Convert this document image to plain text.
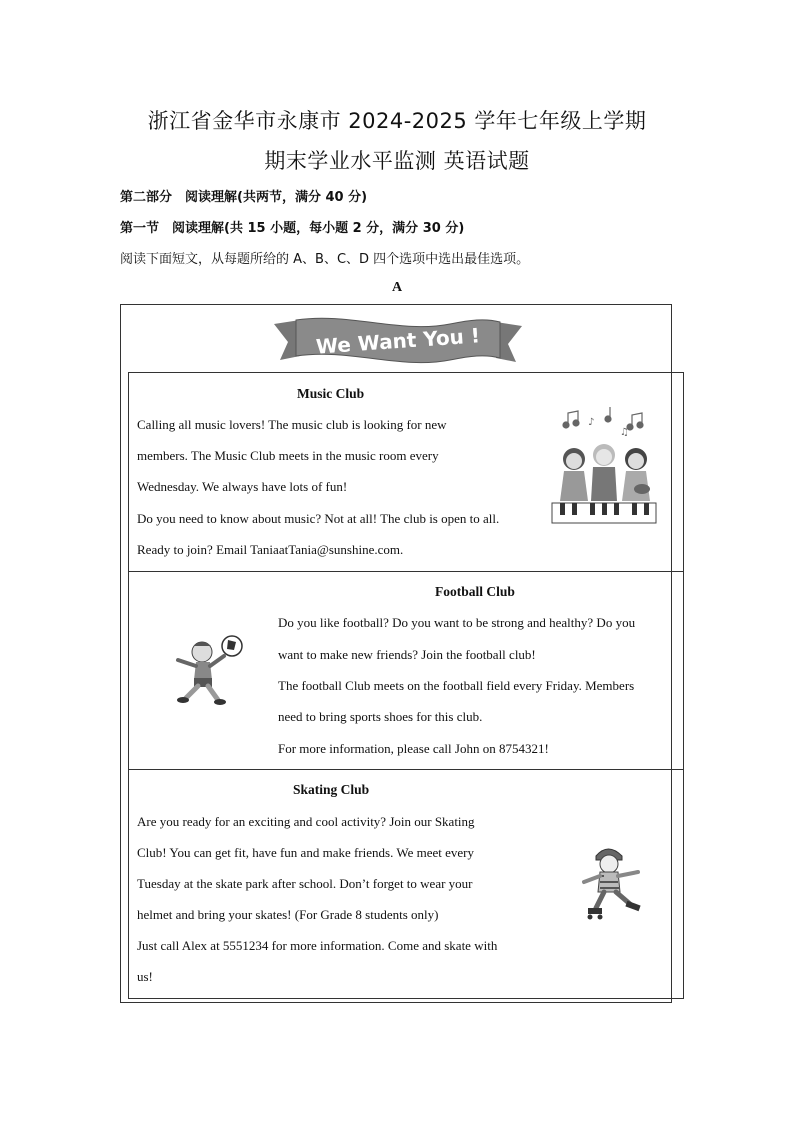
浙江省金华市永康市 2024-2025 学年七年级上学期
期末学业水平监测 英语试题
第二部分　阅读理解(共两节，满分 40 分)
第一节　阅读理解(共 15 小题，每小题 2 分，满分 30 分)
阅读下面短文，从每题所给的 A、B、C、D 四个选项中选出最佳选项。
A
We Want You !
Music Club
Calling all music lovers! The music club is looking for new
members. The Music Club meets in the music room every
Wednesday. We always have lots of fun!
Do you need to know about music? Not at all! The club is open to all.
Ready to join? Email TaniaatTania@sunshine.com.
♪
♫
Football Club
Do you like football? Do you want to be strong and healthy? Do you
want to make new friends? Join the football club!
The football Club meets on the football field every Friday. Members
need to bring sports shoes for this club.
For more information, please call John on 8754321!
Skating Club
Are you ready for an exciting and cool activity? Join our Skating
Club! You can get fit, have fun and make friends. We meet every
Tuesday at the skate park after school. Don’t forget to wear your
helmet and bring your skates! (For Grade 8 students only)
Just call Alex at 5551234 for more information. Come and skate with
us!
